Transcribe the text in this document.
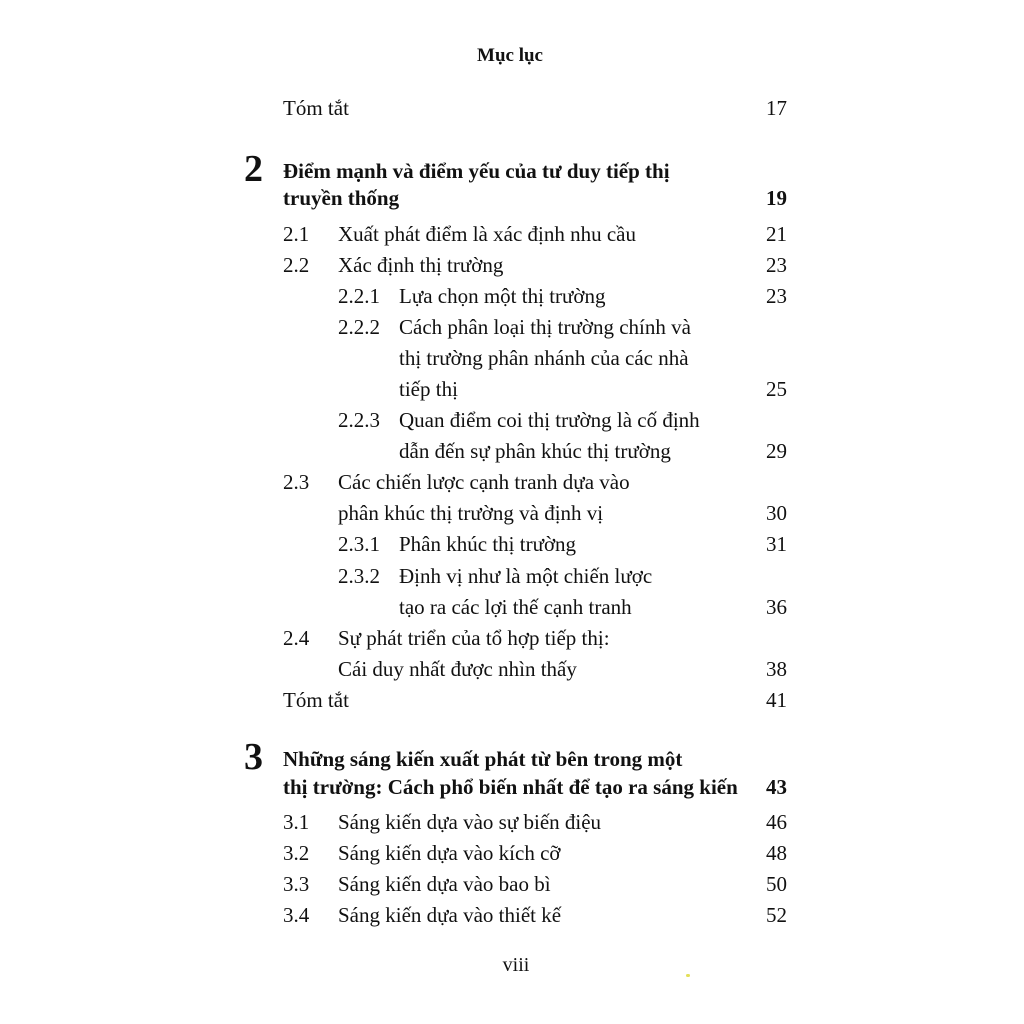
Mục lục
Tóm tắt	17
2 Điểm mạnh và điểm yếu của tư duy tiếp thị
truyền thống	19
2.1 Xuất phát điểm là xác định nhu cầu	21
2.2 Xác định thị trường	23
2.2.1 Lựa chọn một thị trường	23
2.2.2 Cách phân loại thị trường chính và
thị trường phân nhánh của các nhà
tiếp thị	25
2.2.3 Quan điểm coi thị trường là cố định
dẫn đến sự phân khúc thị trường	29
2.3 Các chiến lược cạnh tranh dựa vào
phân khúc thị trường và định vị	30
2.3.1 Phân khúc thị trường	31
2.3.2 Định vị như là một chiến lược
tạo ra các lợi thế cạnh tranh	36
2.4 Sự phát triển của tổ hợp tiếp thị:
Cái duy nhất được nhìn thấy	38
Tóm tắt	41
3 Những sáng kiến xuất phát từ bên trong một
thị trường: Cách phổ biến nhất để tạo ra sáng kiến 43
3.1 Sáng kiến dựa vào sự biến điệu	46
3.2 Sáng kiến dựa vào kích cỡ	48
3.3 Sáng kiến dựa vào bao bì	50
3.4 Sáng kiến dựa vào thiết kế	52
viii
